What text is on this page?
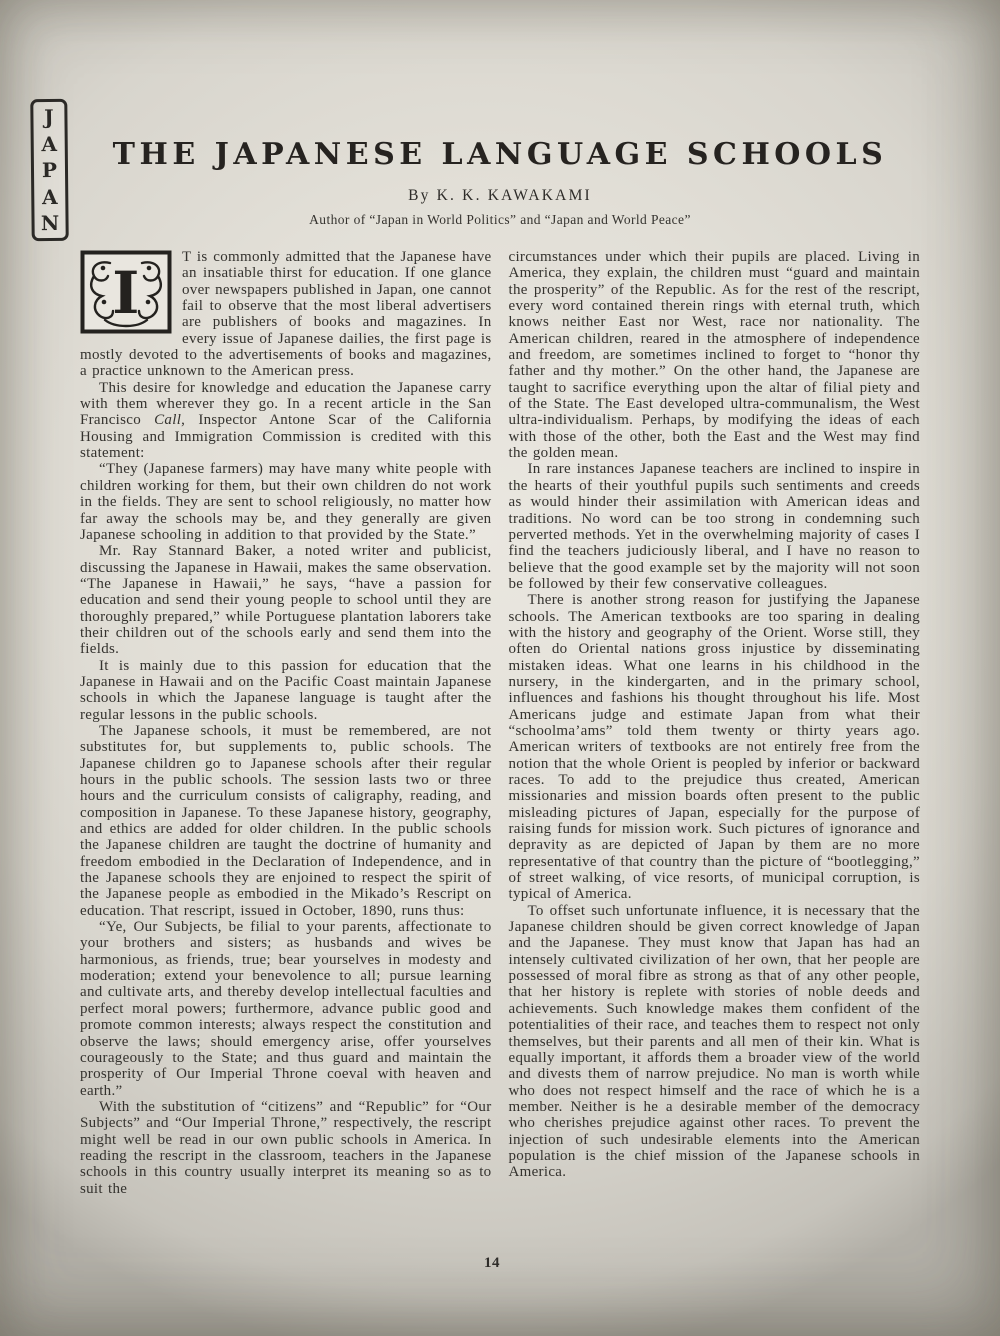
J
A
P
A
N
THE JAPANESE LANGUAGE SCHOOLS
By K. K. KAWAKAMI
Author of “Japan in World Politics” and “Japan and World Peace”

I
T is commonly admitted that the Japanese have an insatiable thirst for education. If one glance over newspapers published in Japan, one cannot fail to observe that the most liberal advertisers are publishers of books and magazines. In every issue of Japanese dailies, the first page is mostly devoted to the advertisements of books and magazines, a practice unknown to the American press.

This desire for knowledge and education the Japanese carry with them wherever they go. In a recent article in the San Francisco Call, Inspector Antone Scar of the California Housing and Immigration Commission is credited with this statement:

“They (Japanese farmers) may have many white people with children working for them, but their own children do not work in the fields. They are sent to school religiously, no matter how far away the schools may be, and they generally are given Japanese schooling in addition to that provided by the State.”

Mr. Ray Stannard Baker, a noted writer and publicist, discussing the Japanese in Hawaii, makes the same observation. “The Japanese in Hawaii,” he says, “have a passion for education and send their young people to school until they are thoroughly prepared,” while Portuguese plantation laborers take their children out of the schools early and send them into the fields.

It is mainly due to this passion for education that the Japanese in Hawaii and on the Pacific Coast maintain Japanese schools in which the Japanese language is taught after the regular lessons in the public schools.

The Japanese schools, it must be remembered, are not substitutes for, but supplements to, public schools. The Japanese children go to Japanese schools after their regular hours in the public schools. The session lasts two or three hours and the curriculum consists of caligraphy, reading, and composition in Japanese. To these Japanese history, geography, and ethics are added for older children. In the public schools the Japanese children are taught the doctrine of humanity and freedom embodied in the Declaration of Independence, and in the Japanese schools they are enjoined to respect the spirit of the Japanese people as embodied in the Mikado’s Rescript on education. That rescript, issued in October, 1890, runs thus:

“Ye, Our Subjects, be filial to your parents, affectionate to your brothers and sisters; as husbands and wives be harmonious, as friends, true; bear yourselves in modesty and moderation; extend your benevolence to all; pursue learning and cultivate arts, and thereby develop intellectual faculties and perfect moral powers; furthermore, advance public good and promote common interests; always respect the constitution and observe the laws; should emergency arise, offer yourselves courageously to the State; and thus guard and maintain the prosperity of Our Imperial Throne coeval with heaven and earth.”

With the substitution of “citizens” and “Republic” for “Our Subjects” and “Our Imperial Throne,” respectively, the rescript might well be read in our own public schools in America. In reading the rescript in the classroom, teachers in the Japanese schools in this country usually interpret its meaning so as to suit the

circumstances under which their pupils are placed. Living in America, they explain, the children must “guard and maintain the prosperity” of the Republic. As for the rest of the rescript, every word contained therein rings with eternal truth, which knows neither East nor West, race nor nationality. The American children, reared in the atmosphere of independence and freedom, are sometimes inclined to forget to “honor thy father and thy mother.” On the other hand, the Japanese are taught to sacrifice everything upon the altar of filial piety and of the State. The East developed ultra-communalism, the West ultra-individualism. Perhaps, by modifying the ideas of each with those of the other, both the East and the West may find the golden mean.

In rare instances Japanese teachers are inclined to inspire in the hearts of their youthful pupils such sentiments and creeds as would hinder their assimilation with American ideas and traditions. No word can be too strong in condemning such perverted methods. Yet in the overwhelming majority of cases I find the teachers judiciously liberal, and I have no reason to believe that the good example set by the majority will not soon be followed by their few conservative colleagues.

There is another strong reason for justifying the Japanese schools. The American textbooks are too sparing in dealing with the history and geography of the Orient. Worse still, they often do Oriental nations gross injustice by disseminating mistaken ideas. What one learns in his childhood in the nursery, in the kindergarten, and in the primary school, influences and fashions his thought throughout his life. Most Americans judge and estimate Japan from what their “schoolma’ams” told them twenty or thirty years ago. American writers of textbooks are not entirely free from the notion that the whole Orient is peopled by inferior or backward races. To add to the prejudice thus created, American missionaries and mission boards often present to the public misleading pictures of Japan, especially for the purpose of raising funds for mission work. Such pictures of ignorance and depravity as are depicted of Japan by them are no more representative of that country than the picture of “bootlegging,” of street walking, of vice resorts, of municipal corruption, is typical of America.

To offset such unfortunate influence, it is necessary that the Japanese children should be given correct knowledge of Japan and the Japanese. They must know that Japan has had an intensely cultivated civilization of her own, that her people are possessed of moral fibre as strong as that of any other people, that her history is replete with stories of noble deeds and achievements. Such knowledge makes them confident of the potentialities of their race, and teaches them to respect not only themselves, but their parents and all men of their kin. What is equally important, it affords them a broader view of the world and divests them of narrow prejudice. No man is worth while who does not respect himself and the race of which he is a member. Neither is he a desirable member of the democracy who cherishes prejudice against other races. To prevent the injection of such undesirable elements into the American population is the chief mission of the Japanese schools in America.

14
